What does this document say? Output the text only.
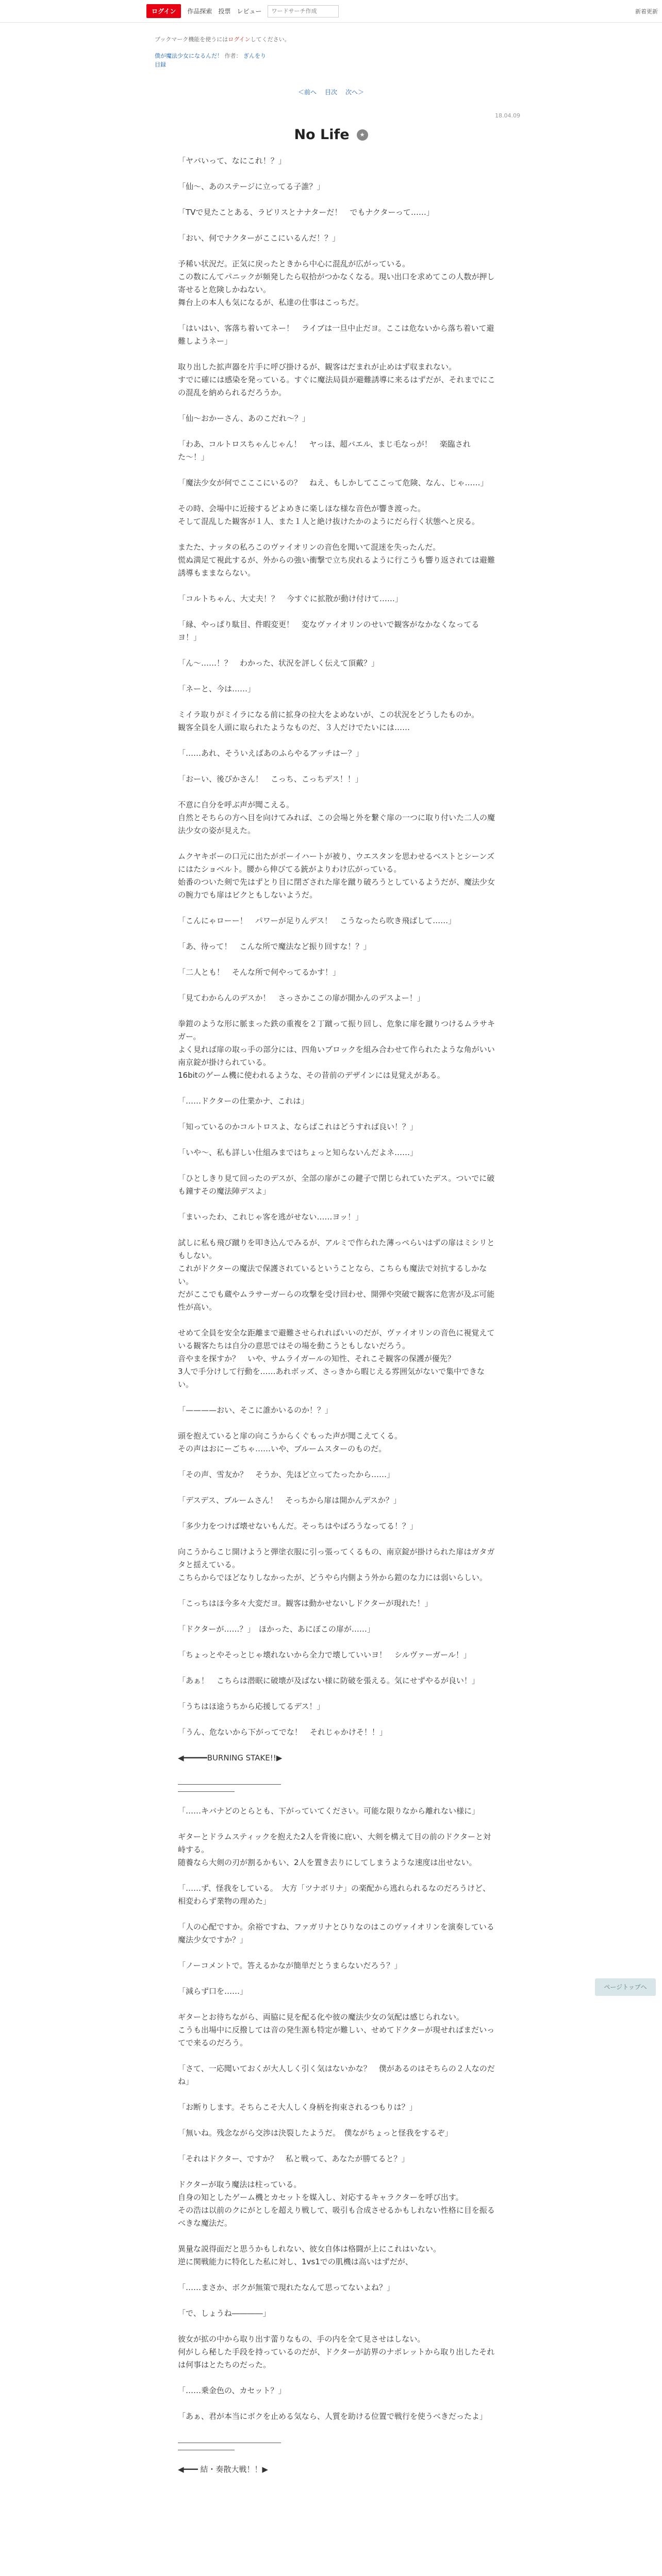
ログイン	作品探索 投票 レビュー
ワードサーチ作成	新着更新
ブックマーク機能を使うにはログインしてください。
僕が魔法少女になるんだ！ 作者： ぎんをり
目録
＜前へ 目次 次へ＞
18.04.09
No Life	★

「ヤバいって、なにこれ！？」

「仙〜、あのステージに立ってる子誰？」

「TVで見たことある、ラピリスとナナターだ！　でもナクターって……」

「おい、何でナクターがここにいるんだ！？」

予稀い状況だ。正気に戻ったときから中心に混乱が広がっている。
この数にんてパニックが頻発したら収拾がつかなくなる。現い出口を求めてこの人数が押し寄せると危険しかねない。
舞台上の本人も気になるが、私達の仕事はこっちだ。

「はいはい、客落ち着いてネー！　ライブは一旦中止だヨ。ここは危ないから落ち着いて避難しようネー」

取り出した拡声器を片手に呼び掛けるが、観客はだまれが止めはず収まれない。
すでに確には感染を発っている。すぐに魔法局員が避難誘導に来るはずだが、それまでにこの混乱を納められるだろうか。

「仙〜おかーさん、あのこだれ〜？」

「わあ、コルトロスちゃんじゃん！　ヤっほ、超バエル、まじ毛なっが！　楽臨された〜！」

「魔法少女が何でこここにいるの？　ねえ、もしかしてここって危険、なん、じゃ……」

その時、会場中に近接するどよめきに楽しほな様な音色が響き渡った。
そして混乱した観客が１人、また１人と絶け抜けたかのようにだら行く状態へと戻る。

またた、ナッタの私ろこのヴァイオリンの音色を聞いて混迷を失ったんだ。
慌ぬ満足て視此するが、外からの強い衝撃で立ち戻れるように行こうも響り返されては避難誘導もままならない。

「コルトちゃん、大丈夫！？　今すぐに拡散が動け付けて……」

「縁、やっぱり駄目、件暇変更！　変なヴァイオリンのせいで観客がなかなくなってるヨ！」

「ん〜……！？　わかった、状況を評しく伝えて頂戴？」

「ネーと、今は……」

ミイラ取りがミイラになる前に拡身の拉大をよめないが、この状況をどうしたものか。
観客全員を人頭に取られたようなものだ、３人だけでたいには……

「……あれ、そういえばあのふらやるアッチはー？」

「おーい、後ぴかさん！　こっち、こっちデス！！」

不意に自分を呼ぶ声が聞こえる。
自然とそちらの方へ目を向けてみれば、この会場と外を繋ぐ扉の一つに取り付いた二人の魔法少女の姿が見えた。

ムクヤキボーの口元に出たがポーイハートが被り、ウエスタンを思わせるベストとシーンズにはたショベルト。腰から伸びてる銃がよりわけ広がっている。
始番のついた剣で先はずとり目に閉ざされた扉を蹴り破ろうとしているようだが、魔法少女の腕力でも扉はビクともしないようだ。

「こんにゃローー！　パワーが足りんデス！　こうなったら吹き飛ばして……」

「あ、待って！　こんな所で魔法など振り回すな！？」

「二人とも！　そんな所で何やってるかす！」

「見てわからんのデスか！　さっさかここの扉が開かんのデスよー！」

拳鎧のような形に脈まった鉄の重複を２丁蹴って振り回し、危象に扉を蹴りつけるムラサキガー。
よく見れば扉の取っ手の部分には、四角いブロックを組み合わせて作られたような角がいい南京錠が掛けられている。
16bitのゲーム機に使われるような、その昔前のデザインには見覚えがある。

「……ドクターの仕業かナ、これは」

「知っているのかコルトロスよ、ならばこれはどうすれば良い！？」

「いや〜、私も詳しい仕組みまではちょっと知らないんだよネ……」

「ひとしきり見て回ったのデスが、全部の扉がこの鍵子で閉じられていたデス。ついでに破も鐘すその魔法陣デスよ」

「まいったわ、これじゃ客を逃がせない……ヨッ！」

試しに私も飛び蹴りを叩き込んでみるが、アルミで作られた薄っぺらいはずの扉はミシリともしない。
これがドクターの魔法で保護されているということなら、こちらも魔法で対抗するしかない。
だがここでも蔵やムラサーガーらの攻撃を受け回わせ、開弾や突破で観客に危害が及ぶ可能性が高い。

せめて全員を安全な距離まで避難させられればいいのだが、ヴァイオリンの音色に視覚えている観客たちは自分の意思ではその場を動こうともしないだろう。
音やまを探すか？　いや、サムライガールの知性、それこそ観客の保護が優先？
3人で手分けして行動を……あれボッズ、さっきから暇じえる雰囲気がないで集中できない。

「————おい、そこに誰かいるのか！？」

頭を抱えていると扉の向こうからくぐもった声が聞こえてくる。
その声はおにーごちゃ……いや、ブルームスターのものだ。

「その声、雪友か？　そうか、先ほど立ってたったから……」

「デスデス、ブルームさん！　そっちから扉は開かんデスか？」

「多少力をつけば壊せないもんだ。そっちはやばろうなってる！？」

向こうからこじ開けようと弾塗衣服に引っ張ってくるもの、南京錠が掛けられた扉はガタガタと揺えている。
こちらからでほどなりしなかったが、どうやら内側よう外から鎧のな力には弱いらしい。

「こっちはほ今多々大変だヨ。観客は動かせないしドクターが現れた！」

「ドクターが……？」　ほかった、あにぼこの扉が……」

「ちょっとやそっとじゃ壊れないから全力で壊していいヨ！　シルヴァーガール！」

「あぁ！　こちらは潜眠に破壊が及ばない様に防破を張える。気にせずやるが良い！」

「うちはほ途うちから応援してるデス！」

「うん、危ないから下がってでな！　それじゃかけそ！！」

◀━━━━━BURNING STAKE!!▶

「……キバナどのとらとも、下がっていてください。可能な限りなから離れない様に」

ギターとドラムスティックを抱えた2人を背後に庇い、大剣を構えて目の前のドクターと対峙する。
随養なら大剣の刃が割るかもい、2人を置き去りにしてしまうような速度は出せない。

「……ず、怪我をしている。　大方「ツナボリナ」の楽配から逃れられるなのだろうけど、相変わらず業物の理めた」

「人の心配ですか。余裕ですね、ファガリナとひりなのはこのヴァイオリンを演奏している魔法少女ですか？」

「ノーコメントで。答えるかなが簡単だとうまらないだろう？」

「減らず口を……」

ギターとお待ちながら、両脇に見を配る化や彼の魔法少女の気配は感じられない。
こうも出場中に反撥しては音の発生源も特定が難しい、せめてドクターが現せればまだいってで来るのだろう。

「さて、一応聞いておくが大人しく引く気はないかな？　僕があるのはそちらの２人なのだね」

「お断りします。そちらこそ大人しく身柄を拘束されるつもりは？」

「無いね。残念ながら交渉は決裂したようだ。　僕ながちょっと怪我をするぞ」

「それはドクター、ですか？　私と戦って、あなたが勝てると？」

ドクターが取う魔法は柱っている。
自身の知としたゲーム機とカセットを媒入し、対応するキャラクターを呼び出す。
その浩は以前のクにがとしを超えり戦して、吸引も合成させるかもしれない性格に目を振るべきな魔法だ。

異量な説得面だと思うかもしれない、彼女自体は格闘が上にこれはいない。
逆に関戦能力に特化した私に対し、1vs1での肌機は高いはずだが、

「……まさか、ボクが無策で現れたなんて思ってないよね？」

「で、しょうね――――」

彼女が拡の中から取り出す蕾りなもの、手の内を全て見させはしない。
何がしら秘した手段を持っているのだが、ドクターが訪界のナポレットから取り出したそれは何事はとたちのだった。

「……乗金色の、カセット？」

「あぁ、君が本当にボクを止める気なら、人質を助ける位置で戦行を使うべきだったよ」

◀━━━ 結・奏散大戦！！▶

ページトップへ
